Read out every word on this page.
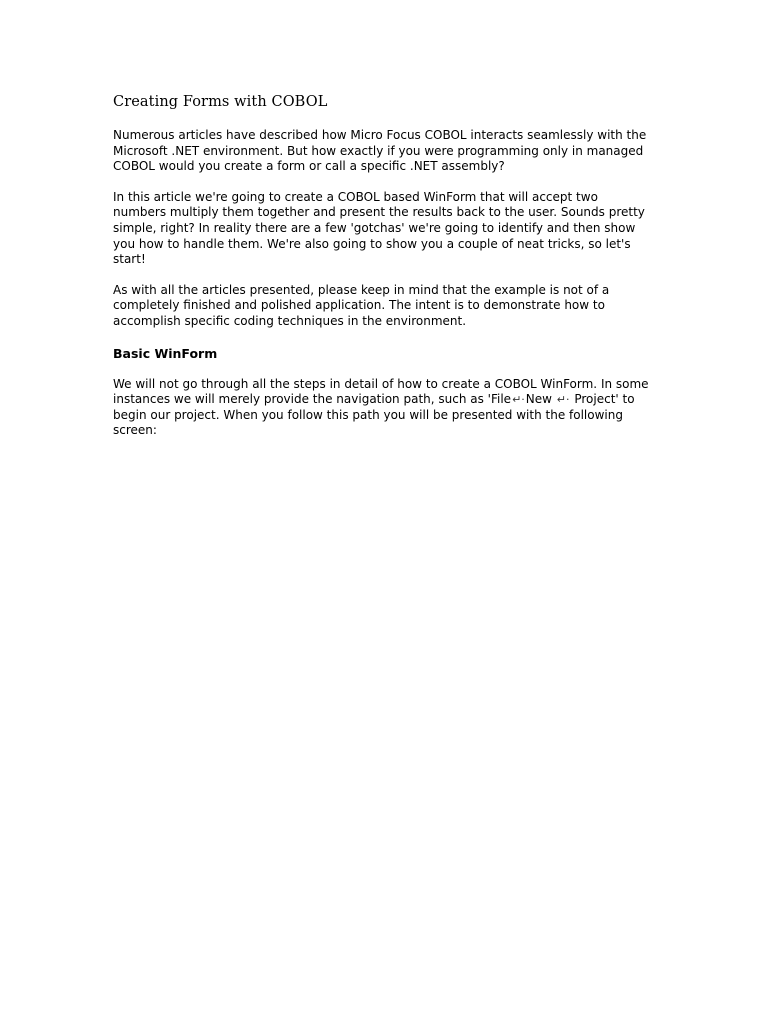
Creating Forms with COBOL

Numerous articles have described how Micro Focus COBOL interacts seamlessly with the Microsoft .NET environment. But how exactly if you were programming only in managed COBOL would you create a form or call a specific .NET assembly?

In this article we're going to create a COBOL based WinForm that will accept two numbers multiply them together and present the results back to the user. Sounds pretty simple, right? In reality there are a few 'gotchas' we're going to identify and then show you how to handle them. We're also going to show you a couple of neat tricks, so let's start!

As with all the articles presented, please keep in mind that the example is not of a completely finished and polished application. The intent is to demonstrate how to accomplish specific coding techniques in the environment.

Basic WinForm

We will not go through all the steps in detail of how to create a COBOL WinForm. In some instances we will merely provide the navigation path, such as 'File↵·New ↵· Project' to begin our project. When you follow this path you will be presented with the following screen:
